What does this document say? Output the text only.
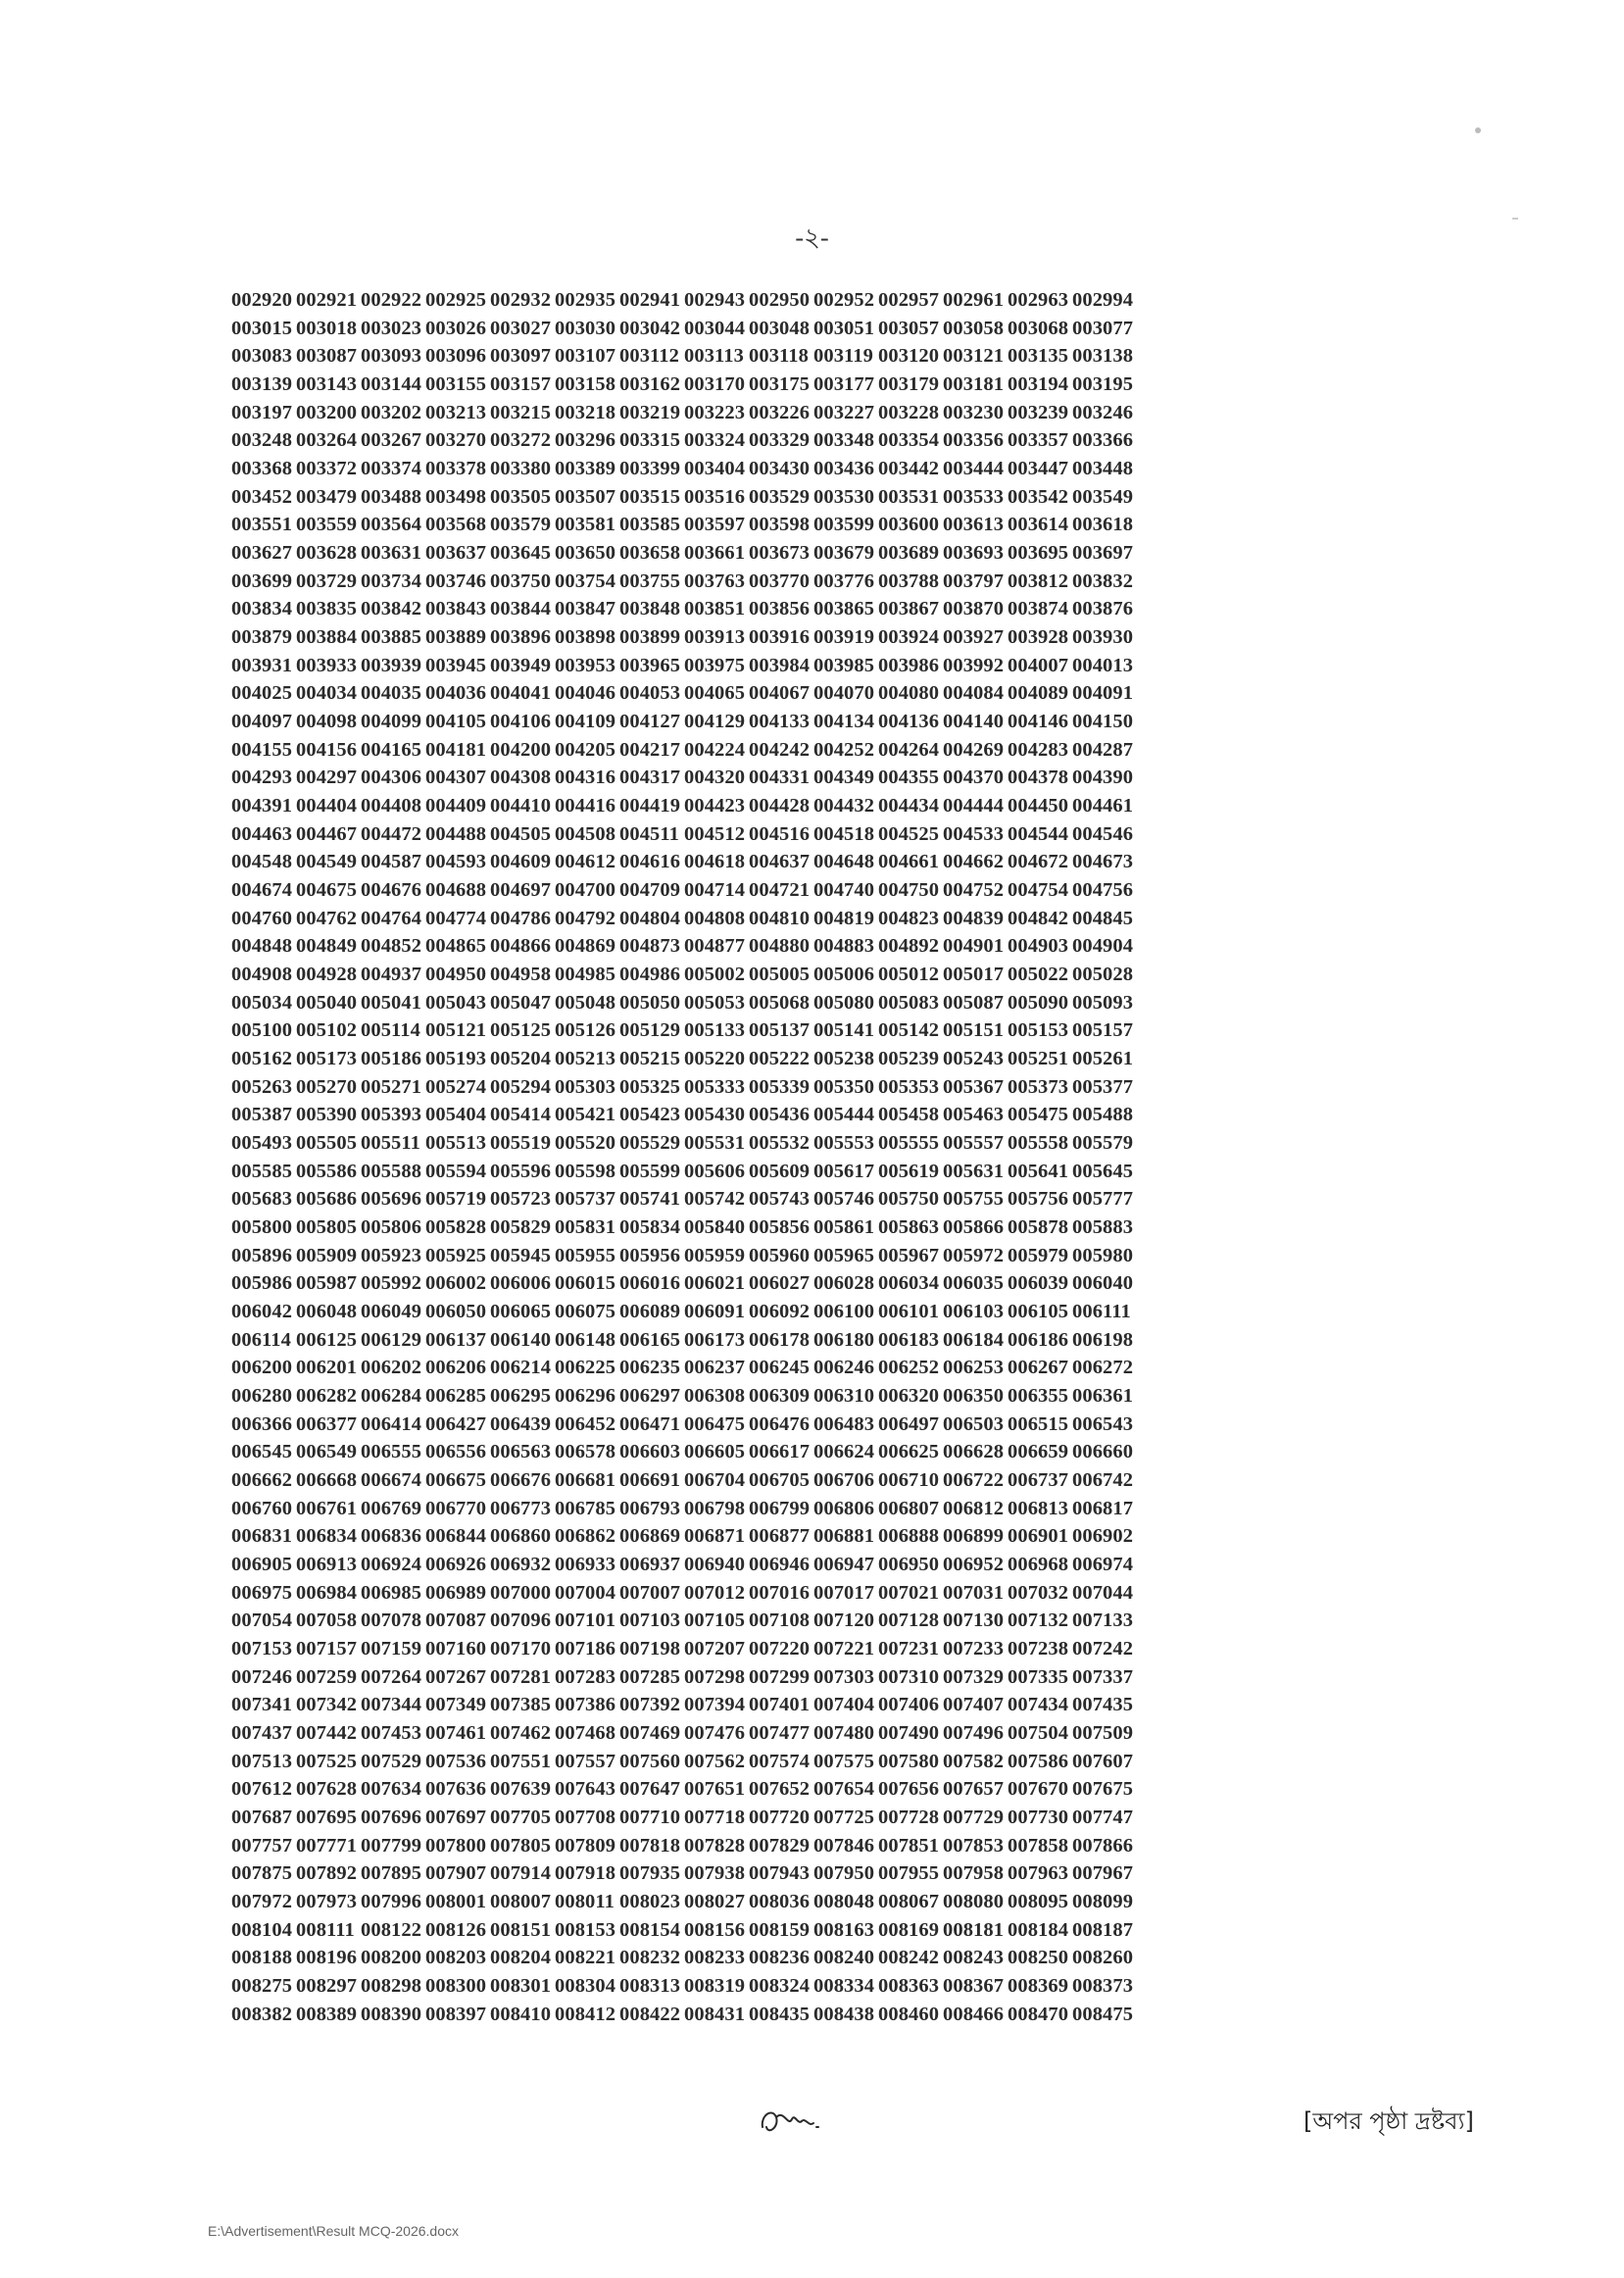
-২-
002920	002921	002922	002925	002932	002935	002941	002943	002950	002952	002957	002961	002963	002994
003015	003018	003023	003026	003027	003030	003042	003044	003048	003051	003057	003058	003068	003077
003083	003087	003093	003096	003097	003107	003112	003113	003118	003119	003120	003121	003135	003138
003139	003143	003144	003155	003157	003158	003162	003170	003175	003177	003179	003181	003194	003195
003197	003200	003202	003213	003215	003218	003219	003223	003226	003227	003228	003230	003239	003246
003248	003264	003267	003270	003272	003296	003315	003324	003329	003348	003354	003356	003357	003366
003368	003372	003374	003378	003380	003389	003399	003404	003430	003436	003442	003444	003447	003448
003452	003479	003488	003498	003505	003507	003515	003516	003529	003530	003531	003533	003542	003549
003551	003559	003564	003568	003579	003581	003585	003597	003598	003599	003600	003613	003614	003618
003627	003628	003631	003637	003645	003650	003658	003661	003673	003679	003689	003693	003695	003697
003699	003729	003734	003746	003750	003754	003755	003763	003770	003776	003788	003797	003812	003832
003834	003835	003842	003843	003844	003847	003848	003851	003856	003865	003867	003870	003874	003876
003879	003884	003885	003889	003896	003898	003899	003913	003916	003919	003924	003927	003928	003930
003931	003933	003939	003945	003949	003953	003965	003975	003984	003985	003986	003992	004007	004013
004025	004034	004035	004036	004041	004046	004053	004065	004067	004070	004080	004084	004089	004091
004097	004098	004099	004105	004106	004109	004127	004129	004133	004134	004136	004140	004146	004150
004155	004156	004165	004181	004200	004205	004217	004224	004242	004252	004264	004269	004283	004287
004293	004297	004306	004307	004308	004316	004317	004320	004331	004349	004355	004370	004378	004390
004391	004404	004408	004409	004410	004416	004419	004423	004428	004432	004434	004444	004450	004461
004463	004467	004472	004488	004505	004508	004511	004512	004516	004518	004525	004533	004544	004546
004548	004549	004587	004593	004609	004612	004616	004618	004637	004648	004661	004662	004672	004673
004674	004675	004676	004688	004697	004700	004709	004714	004721	004740	004750	004752	004754	004756
004760	004762	004764	004774	004786	004792	004804	004808	004810	004819	004823	004839	004842	004845
004848	004849	004852	004865	004866	004869	004873	004877	004880	004883	004892	004901	004903	004904
004908	004928	004937	004950	004958	004985	004986	005002	005005	005006	005012	005017	005022	005028
005034	005040	005041	005043	005047	005048	005050	005053	005068	005080	005083	005087	005090	005093
005100	005102	005114	005121	005125	005126	005129	005133	005137	005141	005142	005151	005153	005157
005162	005173	005186	005193	005204	005213	005215	005220	005222	005238	005239	005243	005251	005261
005263	005270	005271	005274	005294	005303	005325	005333	005339	005350	005353	005367	005373	005377
005387	005390	005393	005404	005414	005421	005423	005430	005436	005444	005458	005463	005475	005488
005493	005505	005511	005513	005519	005520	005529	005531	005532	005553	005555	005557	005558	005579
005585	005586	005588	005594	005596	005598	005599	005606	005609	005617	005619	005631	005641	005645
005683	005686	005696	005719	005723	005737	005741	005742	005743	005746	005750	005755	005756	005777
005800	005805	005806	005828	005829	005831	005834	005840	005856	005861	005863	005866	005878	005883
005896	005909	005923	005925	005945	005955	005956	005959	005960	005965	005967	005972	005979	005980
005986	005987	005992	006002	006006	006015	006016	006021	006027	006028	006034	006035	006039	006040
006042	006048	006049	006050	006065	006075	006089	006091	006092	006100	006101	006103	006105	006111
006114	006125	006129	006137	006140	006148	006165	006173	006178	006180	006183	006184	006186	006198
006200	006201	006202	006206	006214	006225	006235	006237	006245	006246	006252	006253	006267	006272
006280	006282	006284	006285	006295	006296	006297	006308	006309	006310	006320	006350	006355	006361
006366	006377	006414	006427	006439	006452	006471	006475	006476	006483	006497	006503	006515	006543
006545	006549	006555	006556	006563	006578	006603	006605	006617	006624	006625	006628	006659	006660
006662	006668	006674	006675	006676	006681	006691	006704	006705	006706	006710	006722	006737	006742
006760	006761	006769	006770	006773	006785	006793	006798	006799	006806	006807	006812	006813	006817
006831	006834	006836	006844	006860	006862	006869	006871	006877	006881	006888	006899	006901	006902
006905	006913	006924	006926	006932	006933	006937	006940	006946	006947	006950	006952	006968	006974
006975	006984	006985	006989	007000	007004	007007	007012	007016	007017	007021	007031	007032	007044
007054	007058	007078	007087	007096	007101	007103	007105	007108	007120	007128	007130	007132	007133
007153	007157	007159	007160	007170	007186	007198	007207	007220	007221	007231	007233	007238	007242
007246	007259	007264	007267	007281	007283	007285	007298	007299	007303	007310	007329	007335	007337
007341	007342	007344	007349	007385	007386	007392	007394	007401	007404	007406	007407	007434	007435
007437	007442	007453	007461	007462	007468	007469	007476	007477	007480	007490	007496	007504	007509
007513	007525	007529	007536	007551	007557	007560	007562	007574	007575	007580	007582	007586	007607
007612	007628	007634	007636	007639	007643	007647	007651	007652	007654	007656	007657	007670	007675
007687	007695	007696	007697	007705	007708	007710	007718	007720	007725	007728	007729	007730	007747
007757	007771	007799	007800	007805	007809	007818	007828	007829	007846	007851	007853	007858	007866
007875	007892	007895	007907	007914	007918	007935	007938	007943	007950	007955	007958	007963	007967
007972	007973	007996	008001	008007	008011	008023	008027	008036	008048	008067	008080	008095	008099
008104	008111	008122	008126	008151	008153	008154	008156	008159	008163	008169	008181	008184	008187
008188	008196	008200	008203	008204	008221	008232	008233	008236	008240	008242	008243	008250	008260
008275	008297	008298	008300	008301	008304	008313	008319	008324	008334	008363	008367	008369	008373
008382	008389	008390	008397	008410	008412	008422	008431	008435	008438	008460	008466	008470	008475
[অপর পৃষ্ঠা দ্রষ্টব্য]
E:\Advertisement\Result MCQ-2026.docx
